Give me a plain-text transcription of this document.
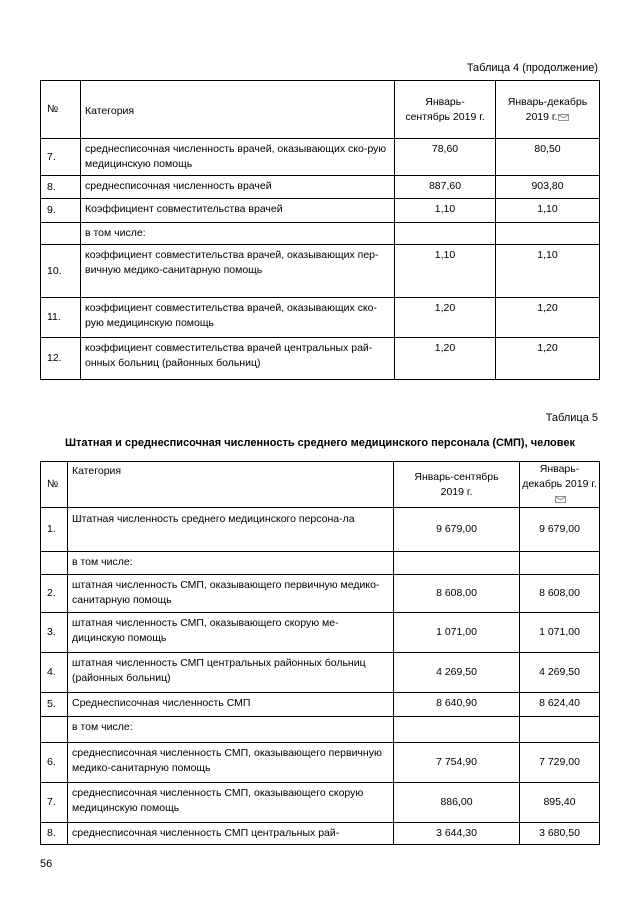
Таблица 4 (продолжение)
№	Категория	Январь-сентябрь 2019 г.	Январь-декабрь 2019 г.
7.	среднесписочная численность врачей, оказывающих ско-рую медицинскую помощь	78,60	80,50
8.	среднесписочная численность врачей	887,60	903,80
9.	Коэффициент совместительства врачей	1,10	1,10
	в том числе:		
10.	коэффициент совместительства врачей, оказывающих пер-вичную медико-санитарную помощь	1,10	1,10
11.	коэффициент совместительства врачей, оказывающих ско-рую медицинскую помощь	1,20	1,20
12.	коэффициент совместительства врачей центральных рай-онных больниц (районных больниц)	1,20	1,20
Таблица 5
Штатная и среднесписочная численность среднего медицинского персонала (СМП), человек
№	Категория	Январь-сентябрь 2019 г.	Январь-декабрь 2019 г.
1.	Штатная численность среднего медицинского персона-ла	9 679,00	9 679,00
	в том числе:		
2.	штатная численность СМП, оказывающего первичную медико-санитарную помощь	8 608,00	8 608,00
3.	штатная численность СМП, оказывающего скорую ме-дицинскую помощь	1 071,00	1 071,00
4.	штатная численность СМП центральных районных больниц (районных больниц)	4 269,50	4 269,50
5.	Среднесписочная численность СМП	8 640,90	8 624,40
	в том числе:		
6.	среднесписочная численность СМП, оказывающего первичную медико-санитарную помощь	7 754,90	7 729,00
7.	среднесписочная численность СМП, оказывающего скорую медицинскую помощь	886,00	895,40
8.	среднесписочная численность СМП центральных рай-	3 644,30	3 680,50
56
